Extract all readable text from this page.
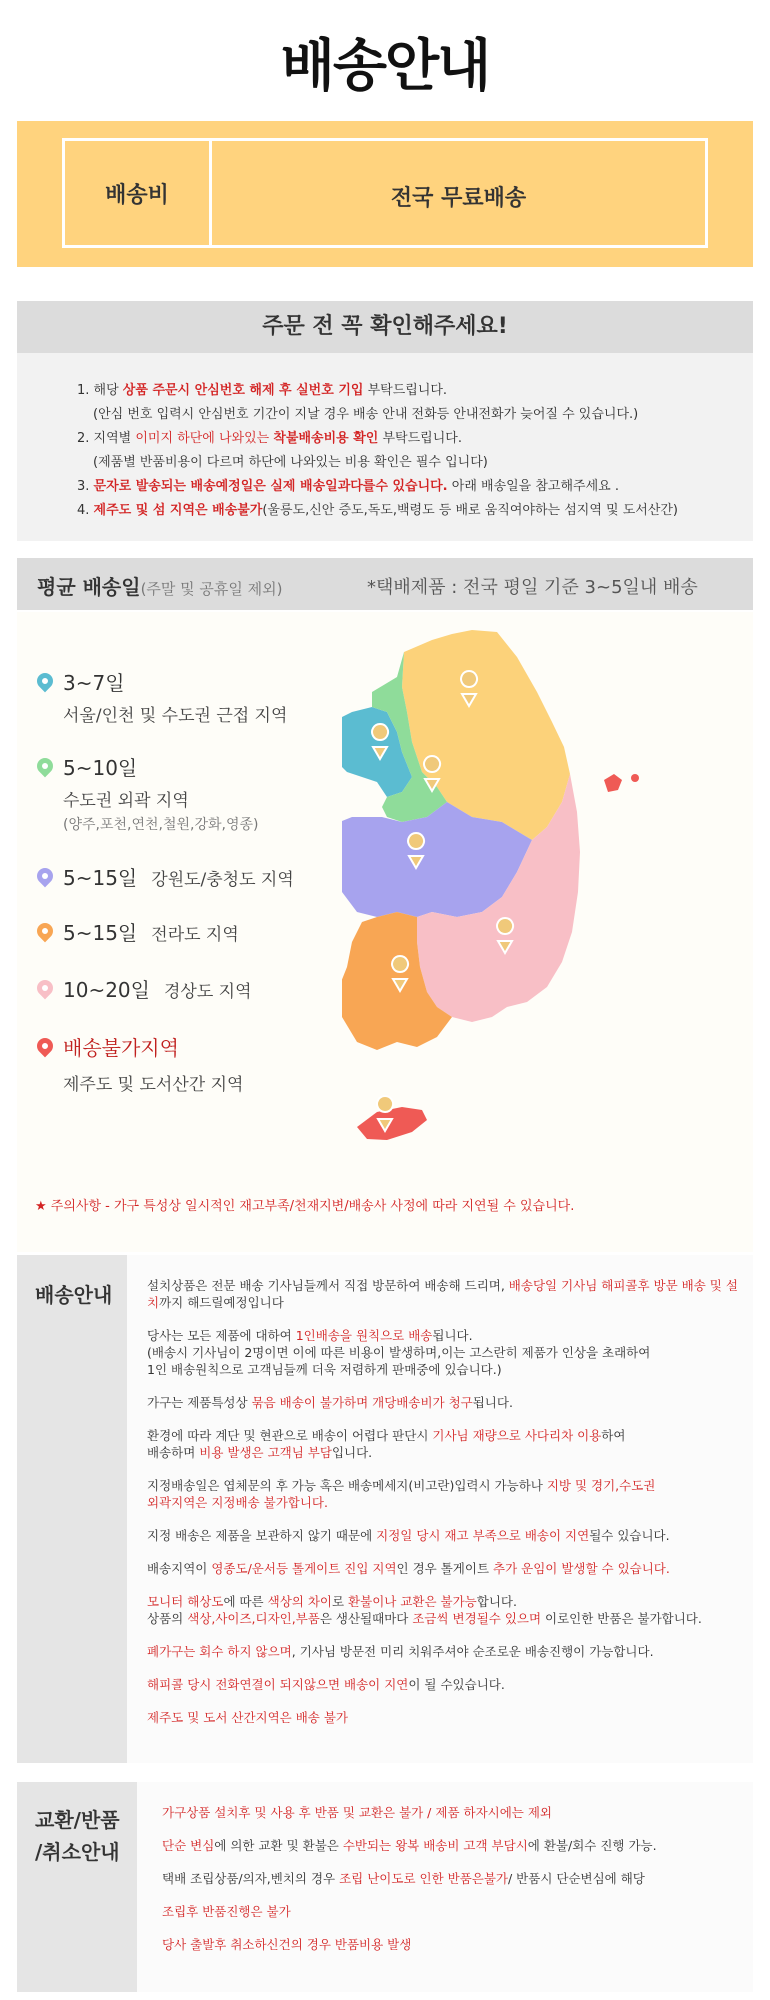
배송안내
배송비	전국 무료배송
주문 전 꼭 확인해주세요!
1. 해당 상품 주문시 안심번호 해제 후 실번호 기입 부탁드립니다.
(안심 번호 입력시 안심번호 기간이 지날 경우 배송 안내 전화등 안내전화가 늦어질 수 있습니다.)
2. 지역별 이미지 하단에 나와있는 착불배송비용 확인 부탁드립니다.
(제품별 반품비용이 다르며 하단에 나와있는 비용 확인은 필수 입니다)
3. 문자로 발송되는 배송예정일은 실제 배송일과다를수 있습니다. 아래 배송일을 참고해주세요 .
4. 제주도 및 섬 지역은 배송불가(울릉도,신안 증도,독도,백령도 등 배로 움직여야하는 섬지역 및 도서산간)
평균 배송일(주말 및 공휴일 제외)	*택배제품 : 전국 평일 기준 3~5일내 배송
3~7일
서울/인천 및 수도권 근접 지역
5~10일
수도권 외곽 지역
(양주,포천,연천,철원,강화,영종)
5~15일 강원도/충청도 지역
5~15일 전라도 지역
10~20일 경상도 지역
배송불가지역
제주도 및 도서산간 지역
★ 주의사항 - 가구 특성상 일시적인 재고부족/천재지변/배송사 사정에 따라 지연될 수 있습니다.
배송안내	설치상품은 전문 배송 기사님들께서 직접 방문하여 배송해 드리며, 배송당일 기사님 해피콜후 방문 배송 및 설치까지 해드릴예정입니다

당사는 모든 제품에 대하여 1인배송을 원칙으로 배송됩니다.
(배송시 기사님이 2명이면 이에 따른 비용이 발생하며,이는 고스란히 제품가 인상을 초래하여
1인 배송원칙으로 고객님들께 더욱 저렴하게 판매중에 있습니다.)

가구는 제품특성상 묶음 배송이 불가하며 개당배송비가 청구됩니다.

환경에 따라 계단 및 현관으로 배송이 어렵다 판단시 기사님 재량으로 사다리차 이용하여
배송하며 비용 발생은 고객님 부담입니다.

지정배송일은 엽체문의 후 가능 혹은 배송메세지(비고란)입력시 가능하나 지방 및 경기,수도권
외곽지역은 지정배송 불가합니다.

지정 배송은 제품을 보관하지 않기 때문에 지정일 당시 재고 부족으로 배송이 지연될수 있습니다.

배송지역이 영종도/운서등 톨게이트 진입 지역인 경우 톨게이트 추가 운임이 발생할 수 있습니다.

모니터 해상도에 따른 색상의 차이로 환불이나 교환은 불가능합니다.
상품의 색상,사이즈,디자인,부품은 생산될때마다 조금씩 변경될수 있으며 이로인한 반품은 불가합니다.

폐가구는 회수 하지 않으며, 기사님 방문전 미리 치워주셔야 순조로운 배송진행이 가능합니다.

해피콜 당시 전화연결이 되지않으면 배송이 지연이 될 수있습니다.

제주도 및 도서 산간지역은 배송 불가

교환/반품
/취소안내

가구상품 설치후 및 사용 후 반품 및 교환은 불가 / 제품 하자시에는 제외

단순 변심에 의한 교환 및 환불은 수반되는 왕복 배송비 고객 부담시에 환불/회수 진행 가능.

택배 조립상품/의자,벤치의 경우 조립 난이도로 인한 반품은불가/ 반품시 단순변심에 해당

조립후 반품진행은 불가

당사 출발후 취소하신건의 경우 반품비용 발생
